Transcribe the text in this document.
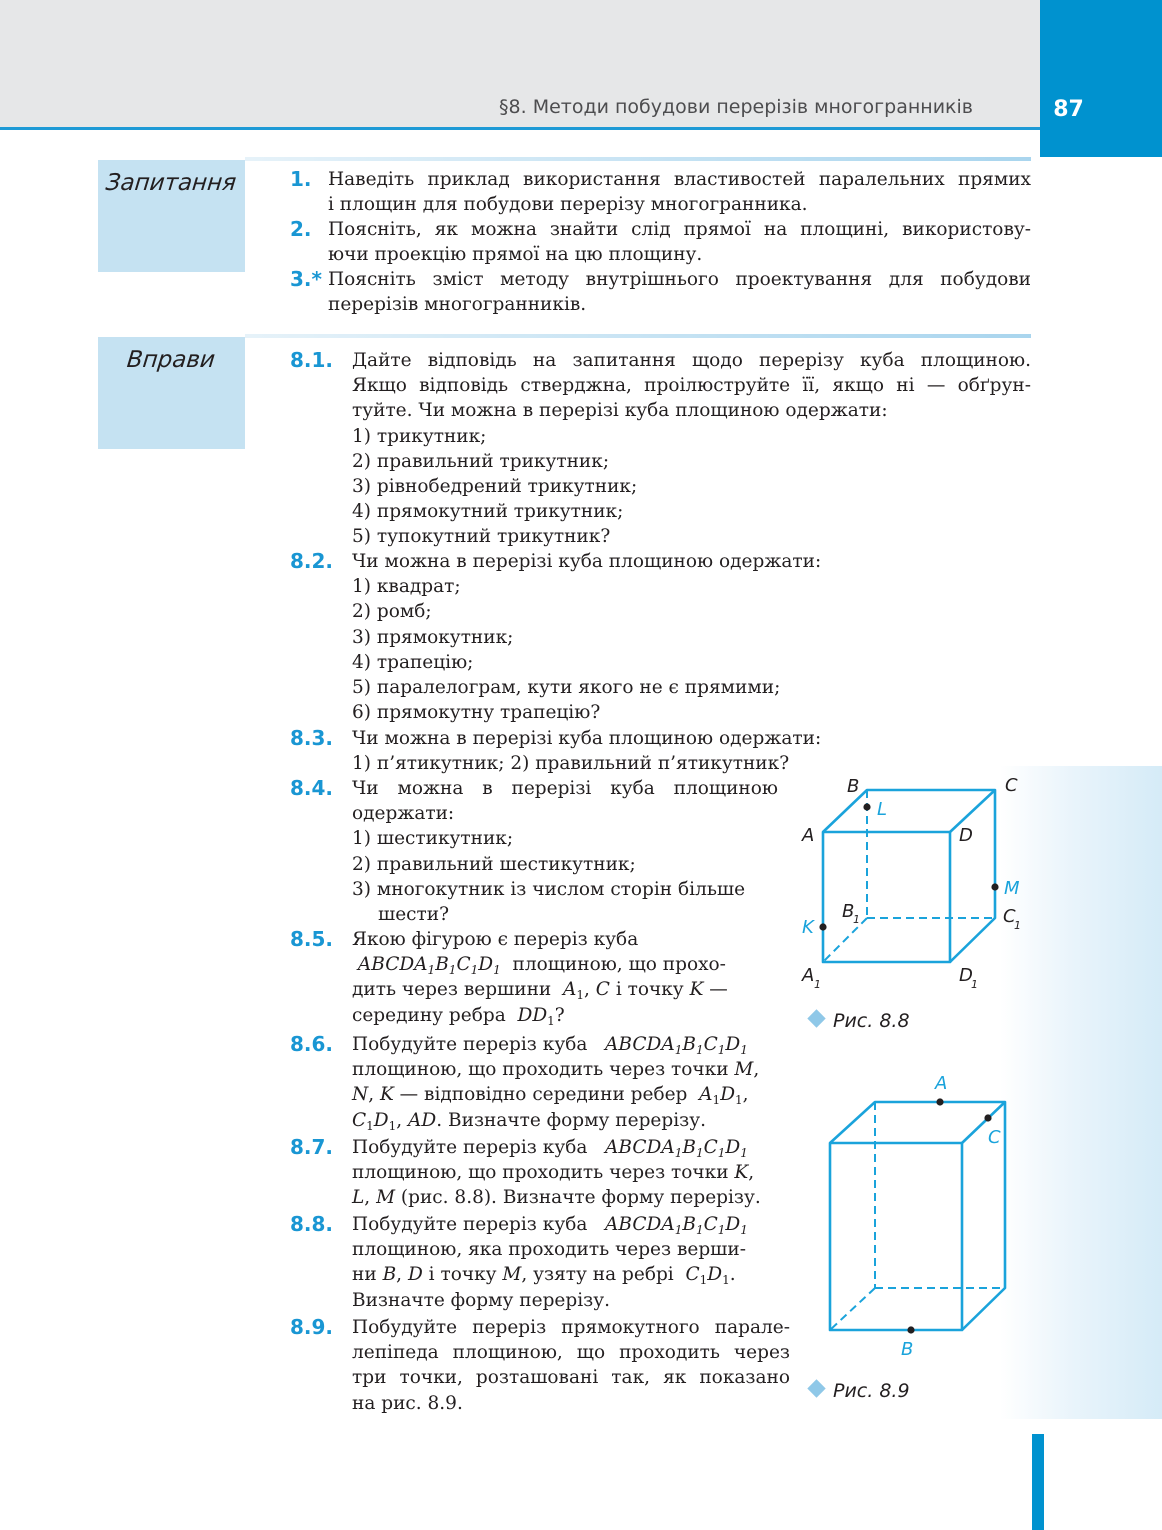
§8. Методи побудови перерізів многогранників	87
Запитання	1. Наведіть приклад використання властивостей паралельних прямих
і площин для побудови перерізу многогранника.
2. Поясніть, як можна знайти слід прямої на площині, використову-
ючи проекцію прямої на цю площину.
3.* Поясніть зміст методу внутрішнього проектування для побудови
перерізів многогранників.
Вправи	8.1. Дайте відповідь на запитання щодо перерізу куба площиною.
Якщо відповідь стверджна, проілюструйте її, якщо ні — обґрун-
туйте. Чи можна в перерізі куба площиною одержати:
1) трикутник;
2) правильний трикутник;
3) рівнобедрений трикутник;
4) прямокутний трикутник;
5) тупокутний трикутник?
8.2. Чи можна в перерізі куба площиною одержати:
1) квадрат;
2) ромб;
3) прямокутник;
4) трапецію;
5) паралелограм, кути якого не є прямими;
6) прямокутну трапецію?
8.3. Чи можна в перерізі куба площиною одержати:
1) п’ятикутник; 2) правильний п’ятикутник?
8.4. Чи можна в перерізі куба площиною
одержати:
1) шестикутник;
2) правильний шестикутник;
3) многокутник із числом сторін більше
шести?
8.5. Якою фігурою є переріз куба
$ABCDA_1B_1C_1D_1$ площиною, що прохо-
дить через вершини $A_1$, C і точку K —
середину ребра $DD_1$?
8.6. Побудуйте переріз куба $ABCDA_1B_1C_1D_1$
площиною, що проходить через точки M,
N, K — відповідно середини ребер $A_1D_1$,
$C_1D_1$, AD. Визначте форму перерізу.
8.7. Побудуйте переріз куба $ABCDA_1B_1C_1D_1$
площиною, що проходить через точки K,
L, M (рис. 8.8). Визначте форму перерізу.
8.8. Побудуйте переріз куба $ABCDA_1B_1C_1D_1$
площиною, яка проходить через верши-
ни B, D і точку M, узяту на ребрі $C_1D_1$.
Визначте форму перерізу.
8.9. Побудуйте переріз прямокутного парале-
лепіпеда площиною, що проходить через
три точки, розташовані так, як показано
на рис. 8.9.
B	C
A	D
L
M
K
B
1	C
1
A 1	D
1
Рис. 8.8
A
C
B
Рис. 8.9
